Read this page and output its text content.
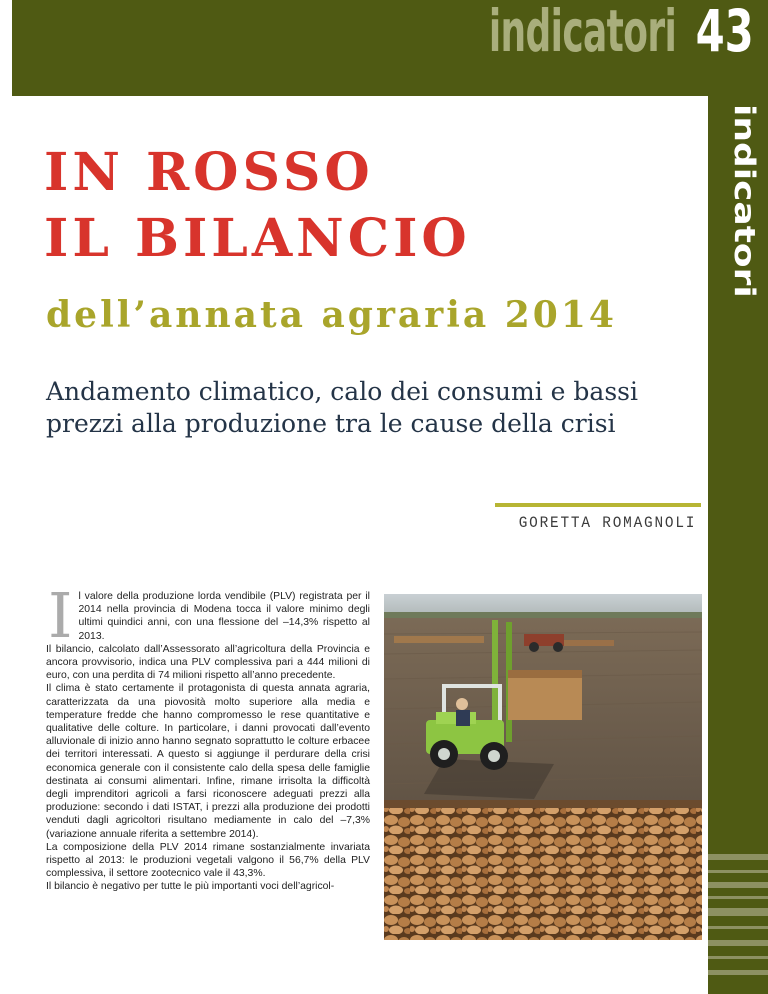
indicatori 43
indicatori
IN ROSSO
IL BILANCIO
dell’annata agraria 2014

Andamento climatico, calo dei consumi e bassi prezzi alla produzione tra le cause della crisi

GORETTA ROMAGNOLI
I l valore della produzione lorda vendibile (PLV) registrata per il 2014 nella provincia di Modena tocca il valore minimo degli ultimi quindici anni, con una flessione del –14,3% rispetto al 2013.

Il bilancio, calcolato dall’Assessorato all’agricoltura della Provincia e ancora provvisorio, indica una PLV complessiva pari a 444 milioni di euro, con una perdita di 74 milioni rispetto all’anno precedente.

Il clima è stato certamente il protagonista di questa annata agraria, caratterizzata da una piovosità molto superiore alla media e temperature fredde che hanno compromesso le rese quantitative e qualitative delle colture. In particolare, i danni provocati dall’evento alluvionale di inizio anno hanno segnato soprattutto le colture erbacee dei territori interessati. A questo si aggiunge il perdurare della crisi economica generale con il consistente calo della spesa delle famiglie destinata ai consumi alimentari. Infine, rimane irrisolta la difficoltà degli imprenditori agricoli a farsi riconoscere adeguati prezzi alla produzione: secondo i dati ISTAT, i prezzi alla produzione dei prodotti venduti dagli agricoltori risultano mediamente in calo del –7,3% (variazione annuale riferita a settembre 2014).

La composizione della PLV 2014 rimane sostanzialmente invariata rispetto al 2013: le produzioni vegetali valgono il 56,7% della PLV complessiva, il settore zootecnico vale il 43,3%.

Il bilancio è negativo per tutte le più importanti voci dell’agricol-
